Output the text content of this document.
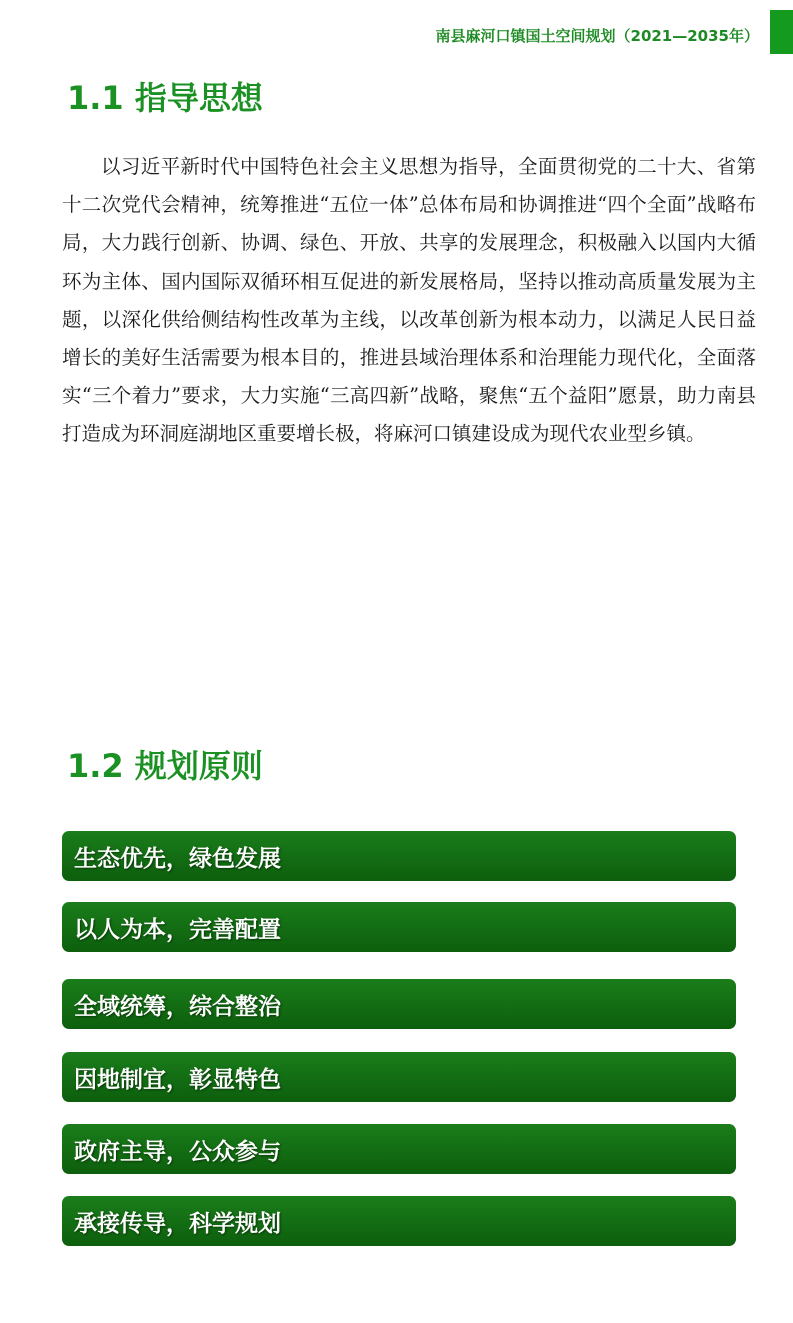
南县麻河口镇国土空间规划（2021—2035年）
1.1 指导思想

以习近平新时代中国特色社会主义思想为指导，全面贯彻党的二十大、省第十二次党代会精神，统筹推进“五位一体”总体布局和协调推进“四个全面”战略布局，大力践行创新、协调、绿色、开放、共享的发展理念，积极融入以国内大循环为主体、国内国际双循环相互促进的新发展格局，坚持以推动高质量发展为主题，以深化供给侧结构性改革为主线，以改革创新为根本动力，以满足人民日益增长的美好生活需要为根本目的，推进县域治理体系和治理能力现代化，全面落实“三个着力”要求，大力实施“三高四新”战略，聚焦“五个益阳”愿景，助力南县打造成为环洞庭湖地区重要增长极，将麻河口镇建设成为现代农业型乡镇。

1.2 规划原则
生态优先，绿色发展
以人为本，完善配置
全域统筹，综合整治
因地制宜，彰显特色
政府主导，公众参与
承接传导，科学规划
